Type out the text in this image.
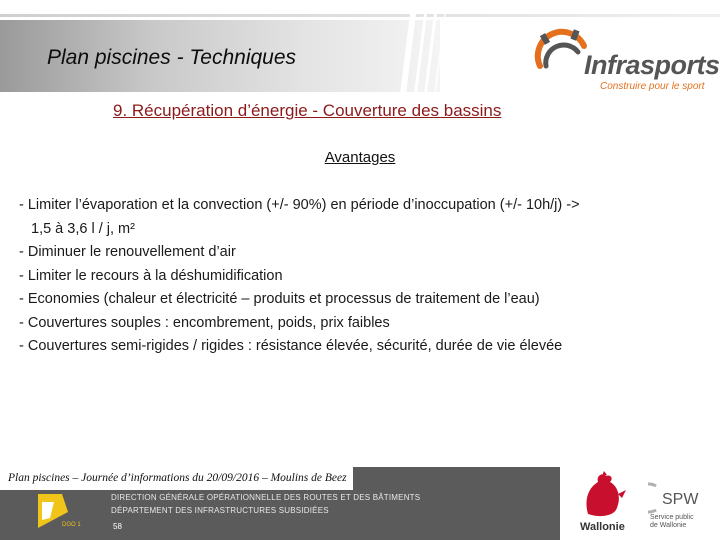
Plan piscines - Techniques	Infrasports
Construire pour le sport
9. Récupération d’énergie - Couverture des bassins
Avantages
- Limiter l’évaporation et la convection (+/- 90%) en période d’inoccupation (+/- 10h/j) ->
1,5 à 3,6 l / j, m²
- Diminuer le renouvellement d’air
- Limiter le recours à la déshumidification
- Economies (chaleur et électricité – produits et processus de traitement de l’eau)
- Couvertures souples : encombrement, poids, prix faibles
- Couvertures semi-rigides / rigides : résistance élevée, sécurité, durée de vie élevée
Plan piscines – Journée d’informations du 20/09/2016 – Moulins de Beez
DGO 1
DIRECTION GÉNÉRALE OPÉRATIONNELLE DES ROUTES ET DES BÂTIMENTS
DÉPARTEMENT DES INFRASTRUCTURES SUBSIDIÉES
58	Wallonie
SPW
Service public
de Wallonie
